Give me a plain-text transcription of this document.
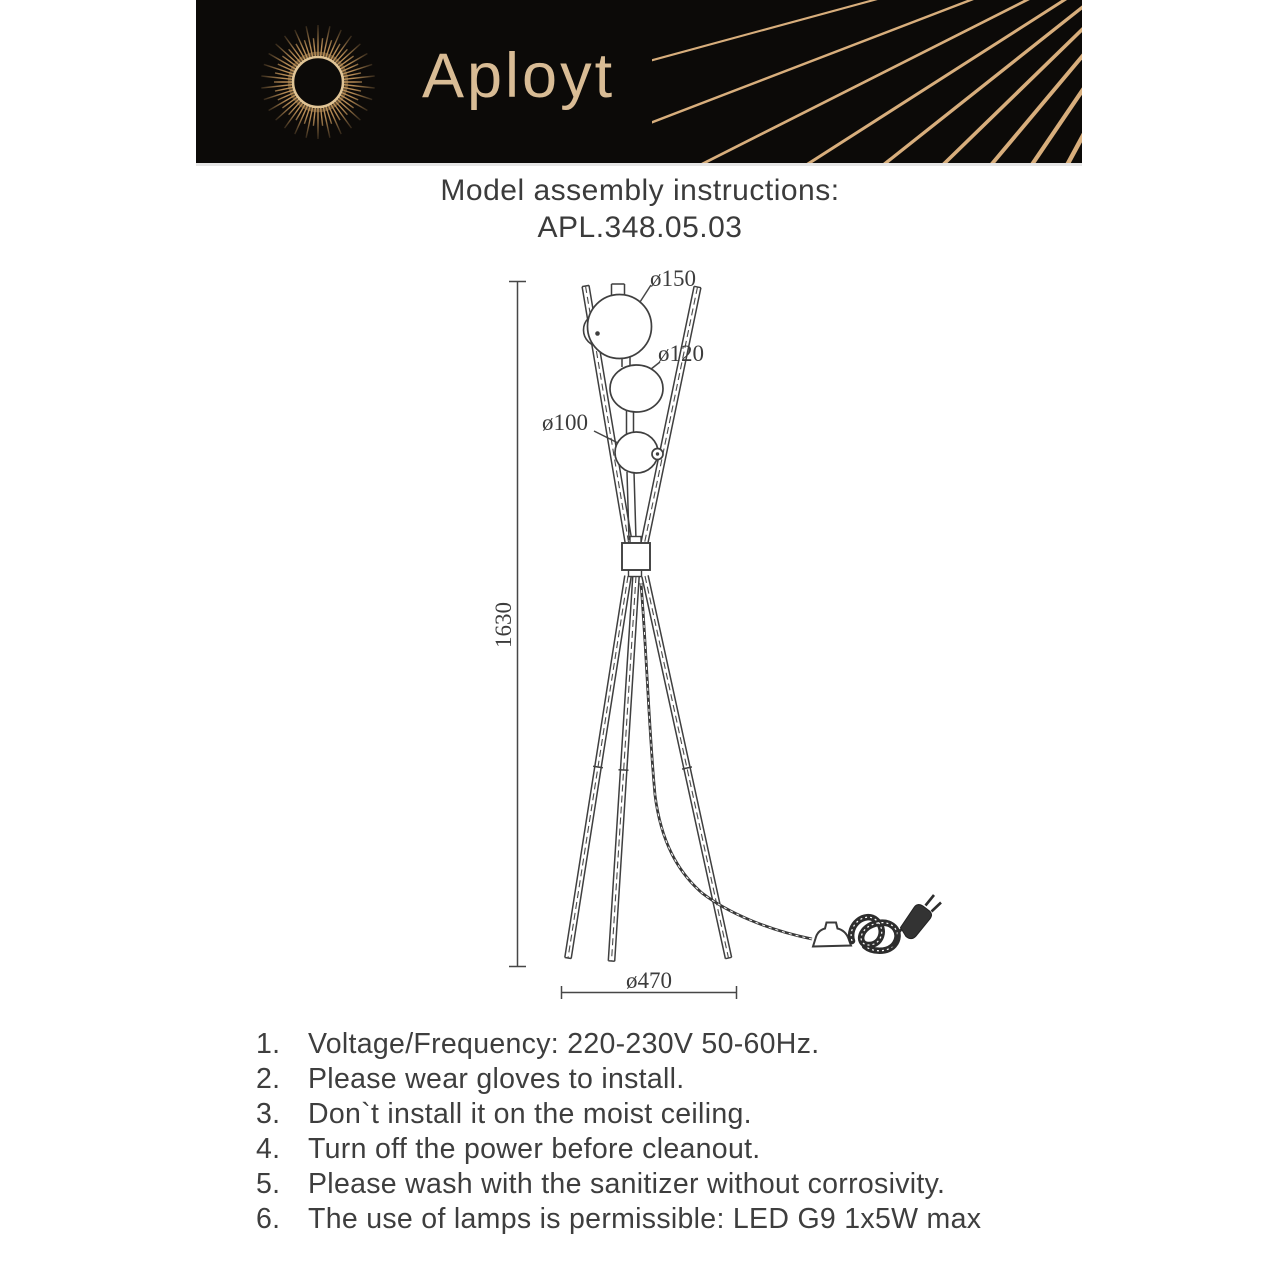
Aployt
Model assembly instructions:
APL.348.05.03
1630
ø470
ø150
ø120
ø100
1. Voltage/Frequency: 220-230V 50-60Hz.
2. Please wear gloves to install.
3. Don`t install it on the moist ceiling.
4. Turn off the power before cleanout.
5. Please wash with the sanitizer without corrosivity.
6. The use of lamps is permissible: LED G9 1x5W max
